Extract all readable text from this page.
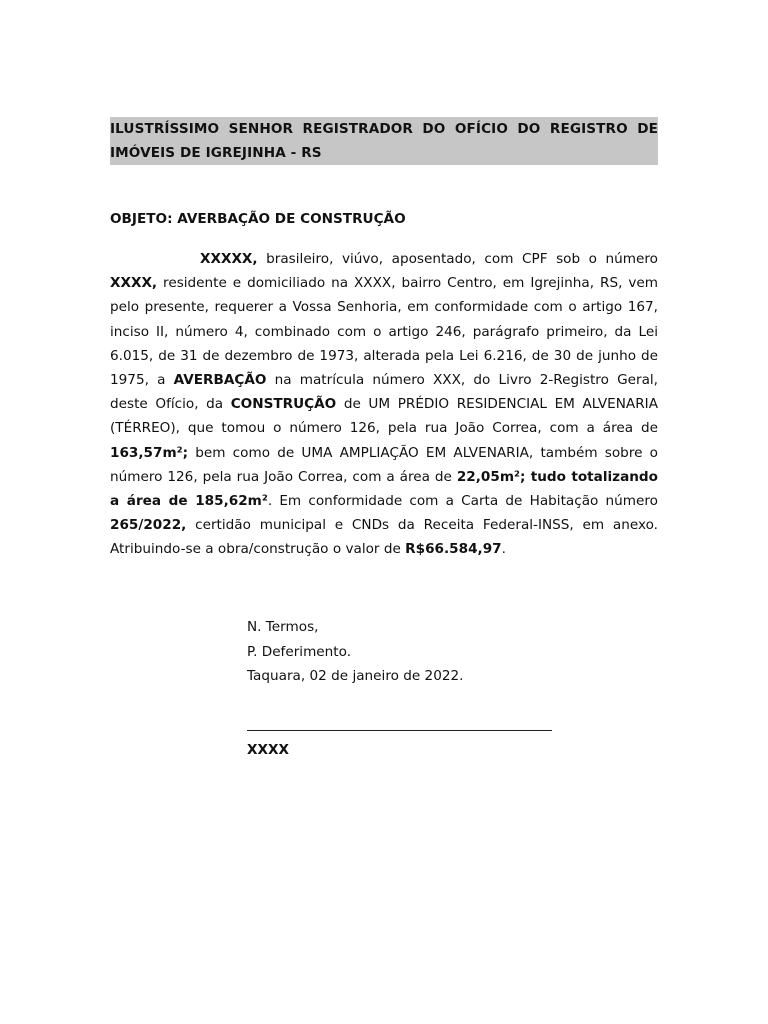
ILUSTRÍSSIMO SENHOR REGISTRADOR DO OFÍCIO DO REGISTRO DE IMÓVEIS DE IGREJINHA - RS
OBJETO: AVERBAÇÃO DE CONSTRUÇÃO
XXXXX, brasileiro, viúvo, aposentado, com CPF sob o número XXXX, residente e domiciliado na XXXX, bairro Centro, em Igrejinha, RS, vem pelo presente, requerer a Vossa Senhoria, em conformidade com o artigo 167, inciso II, número 4, combinado com o artigo 246, parágrafo primeiro, da Lei 6.015, de 31 de dezembro de 1973, alterada pela Lei 6.216, de 30 de junho de 1975, a AVERBAÇÃO na matrícula número XXX, do Livro 2-Registro Geral, deste Ofício, da CONSTRUÇÃO de UM PRÉDIO RESIDENCIAL EM ALVENARIA (TÉRREO), que tomou o número 126, pela rua João Correa, com a área de 163,57m²; bem como de UMA AMPLIAÇÃO EM ALVENARIA, também sobre o número 126, pela rua João Correa, com a área de 22,05m²; tudo totalizando a área de 185,62m². Em conformidade com a Carta de Habitação número 265/2022, certidão municipal e CNDs da Receita Federal-INSS, em anexo. Atribuindo-se a obra/construção o valor de R$66.584,97.
N. Termos,
P. Deferimento.
Taquara, 02 de janeiro de 2022.
XXXX
